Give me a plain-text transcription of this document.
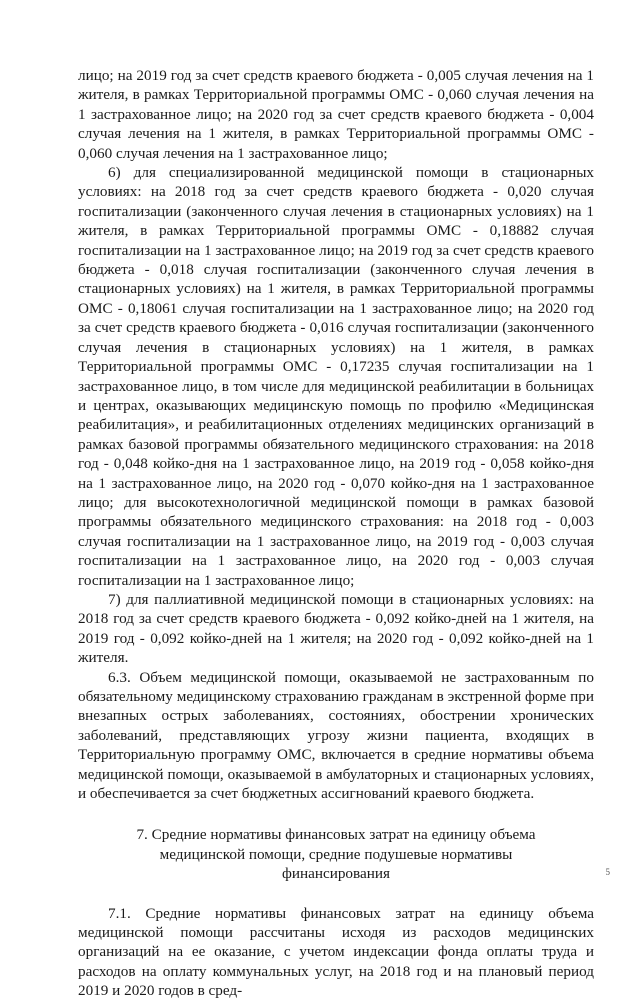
лицо; на 2019 год за счет средств краевого бюджета - 0,005 случая лечения на 1 жителя, в рамках Территориальной программы ОМС - 0,060 случая лечения на 1 застрахованное лицо; на 2020 год за счет средств краевого бюджета - 0,004 случая лечения на 1 жителя, в рамках Территориальной программы ОМС - 0,060 случая лечения на 1 застрахованное лицо;

6) для специализированной медицинской помощи в стационарных условиях: на 2018 год за счет средств краевого бюджета - 0,020 случая госпитализации (законченного случая лечения в стационарных условиях) на 1 жителя, в рамках Территориальной программы ОМС - 0,18882 случая госпитализации на 1 застрахованное лицо; на 2019 год за счет средств краевого бюджета - 0,018 случая госпитализации (законченного случая лечения в стационарных условиях) на 1 жителя, в рамках Территориальной программы ОМС - 0,18061 случая госпитализации на 1 застрахованное лицо; на 2020 год за счет средств краевого бюджета - 0,016 случая госпитализации (законченного случая лечения в стационарных условиях) на 1 жителя, в рамках Территориальной программы ОМС - 0,17235 случая госпитализации на 1 застрахованное лицо, в том числе для медицинской реабилитации в больницах и центрах, оказывающих медицинскую помощь по профилю «Медицинская реабилитация», и реабилитационных отделениях медицинских организаций в рамках базовой программы обязательного медицинского страхования: на 2018 год - 0,048 койко-дня на 1 застрахованное лицо, на 2019 год - 0,058 койко-дня на 1 застрахованное лицо, на 2020 год - 0,070 койко-дня на 1 застрахованное лицо; для высокотехнологичной медицинской помощи в рамках базовой программы обязательного медицинского страхования: на 2018 год - 0,003 случая госпитализации на 1 застрахованное лицо, на 2019 год - 0,003 случая госпитализации на 1 застрахованное лицо, на 2020 год - 0,003 случая госпитализации на 1 застрахованное лицо;

7) для паллиативной медицинской помощи в стационарных условиях: на 2018 год за счет средств краевого бюджета - 0,092 койко-дней на 1 жителя, на 2019 год - 0,092 койко-дней на 1 жителя; на 2020 год - 0,092 койко-дней на 1 жителя.

6.3. Объем медицинской помощи, оказываемой не застрахованным по обязательному медицинскому страхованию гражданам в экстренной форме при внезапных острых заболеваниях, состояниях, обострении хронических заболеваний, представляющих угрозу жизни пациента, входящих в Территориальную программу ОМС, включается в средние нормативы объема медицинской помощи, оказываемой в амбулаторных и стационарных условиях, и обеспечивается за счет бюджетных ассигнований краевого бюджета.

7. Средние нормативы финансовых затрат на единицу объема медицинской помощи, средние подушевые нормативы финансирования

7.1. Средние нормативы финансовых затрат на единицу объема медицинской помощи рассчитаны исходя из расходов медицинских организаций на ее оказание, с учетом индексации фонда оплаты труда и расходов на оплату коммунальных услуг, на 2018 год и на плановый период 2019 и 2020 годов в сред-

5
